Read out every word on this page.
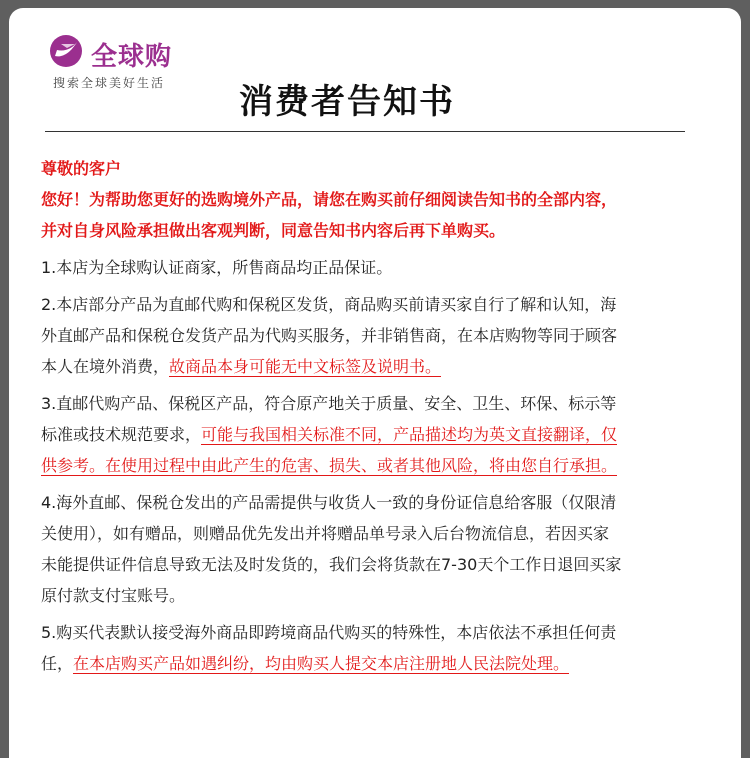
全球购
搜索全球美好生活 消费者告知书
尊敬的客户
您好！为帮助您更好的选购境外产品，请您在购买前仔细阅读告知书的全部内容，
并对自身风险承担做出客观判断，同意告知书内容后再下单购买。
1.本店为全球购认证商家，所售商品均正品保证。
2.本店部分产品为直邮代购和保税区发货，商品购买前请买家自行了解和认知，海
外直邮产品和保税仓发货产品为代购买服务，并非销售商，在本店购物等同于顾客
本人在境外消费，故商品本身可能无中文标签及说明书。
3.直邮代购产品、保税区产品，符合原产地关于质量、安全、卫生、环保、标示等
标准或技术规范要求，可能与我国相关标准不同，产品描述均为英文直接翻译，仅
供参考。在使用过程中由此产生的危害、损失、或者其他风险，将由您自行承担。
4.海外直邮、保税仓发出的产品需提供与收货人一致的身份证信息给客服（仅限清
关使用），如有赠品，则赠品优先发出并将赠品单号录入后台物流信息，若因买家
未能提供证件信息导致无法及时发货的，我们会将货款在7-30天个工作日退回买家
原付款支付宝账号。
5.购买代表默认接受海外商品即跨境商品代购买的特殊性，本店依法不承担任何责
任，在本店购买产品如遇纠纷，均由购买人提交本店注册地人民法院处理。
